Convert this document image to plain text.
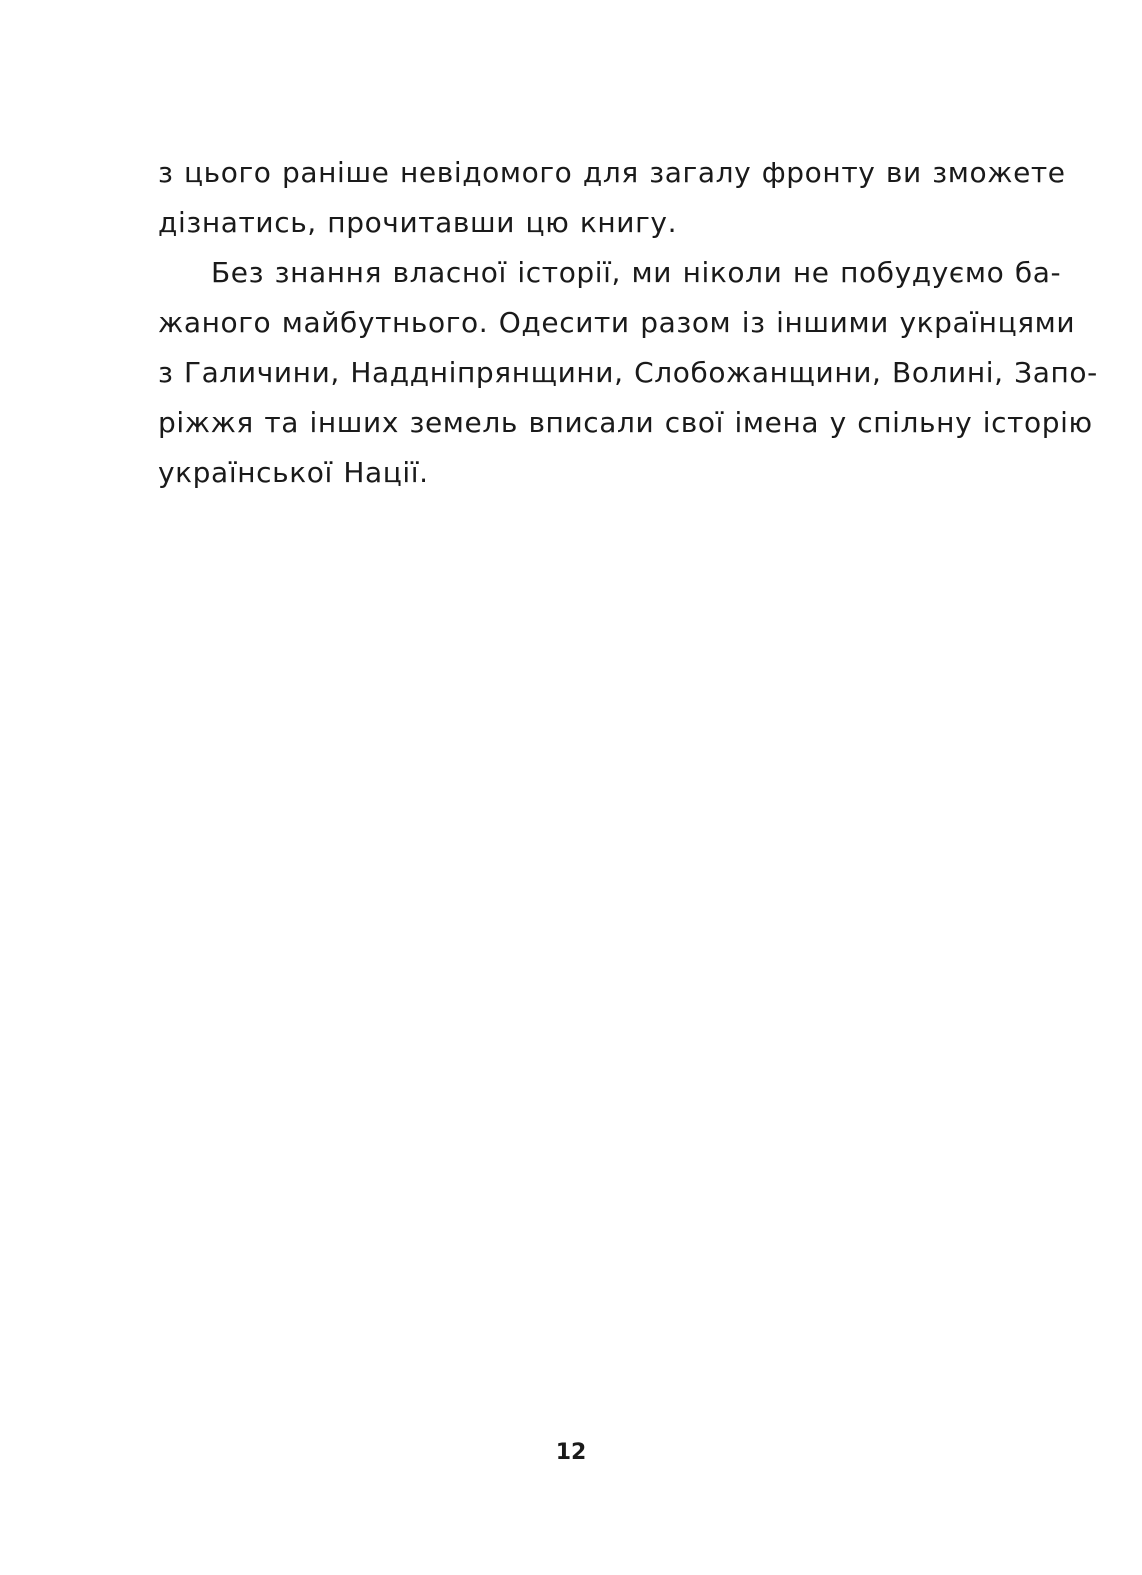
з цього раніше невідомого для загалу фронту ви зможете
дізнатись, прочитавши цю книгу.
Без знання власної історії, ми ніколи не побудуємо ба-
жаного майбутнього. Одесити разом із іншими українцями
з Галичини, Наддніпрянщини, Слобожанщини, Волині, Запо-
ріжжя та інших земель вписали свої імена у спільну історію
української Нації.
12
